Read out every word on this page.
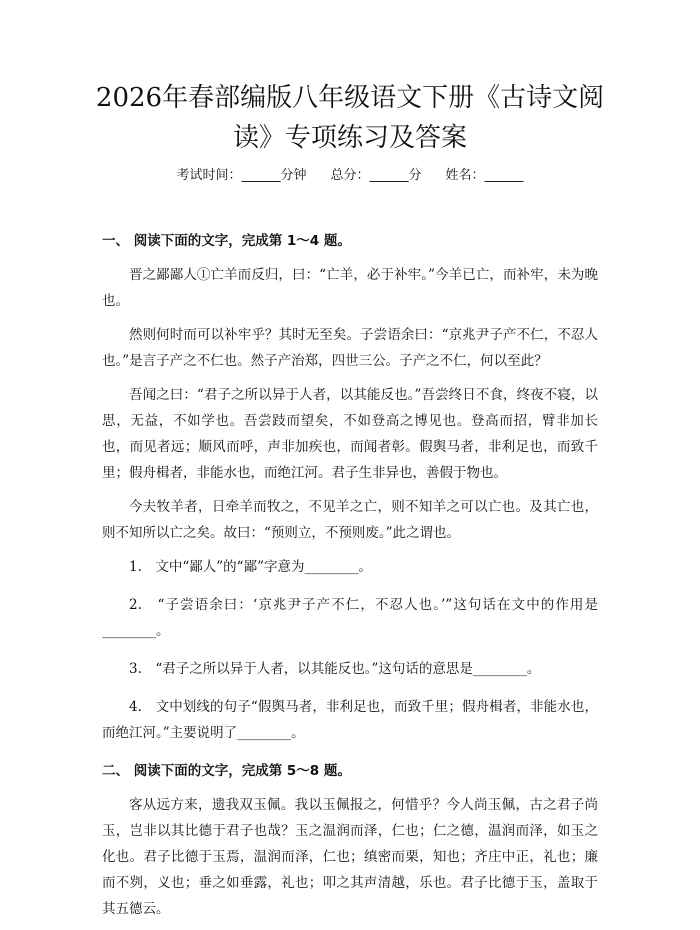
2026年春部编版八年级语文下册《古诗文阅读》专项练习及答案
考试时间：______分钟 总分：______分 姓名：______

一、 阅读下面的文字，完成第 1～4 题。

晋之鄙鄙人①亡羊而反归，曰：“亡羊，必于补牢。”今羊已亡，而补牢，未为晚也。

然则何时而可以补牢乎？其时无至矣。子尝语余曰：“京兆尹子产不仁，不忍人也。”是言子产之不仁也。然子产治郑，四世三公。子产之不仁，何以至此？

吾闻之曰：“君子之所以异于人者，以其能反也。”吾尝终日不食，终夜不寝，以思，无益，不如学也。吾尝跂而望矣，不如登高之博见也。登高而招，臂非加长也，而见者远；顺风而呼，声非加疾也，而闻者彰。假舆马者，非利足也，而致千里；假舟楫者，非能水也，而绝江河。君子生非异也，善假于物也。

今夫牧羊者，日牵羊而牧之，不见羊之亡，则不知羊之可以亡也。及其亡也，则不知所以亡之矣。故曰：“预则立，不预则废。”此之谓也。

1.　文中“鄙人”的“鄙”字意为________。

2.　“子尝语余曰：‘京兆尹子产不仁，不忍人也。’”这句话在文中的作用是________。

3.　“君子之所以异于人者，以其能反也。”这句话的意思是________。

4.　文中划线的句子“假舆马者，非利足也，而致千里；假舟楫者，非能水也，而绝江河。”主要说明了________。

二、 阅读下面的文字，完成第 5～8 题。

客从远方来，遗我双玉佩。我以玉佩报之，何惜乎？今人尚玉佩，古之君子尚玉，岂非以其比德于君子也哉？玉之温润而泽，仁也；仁之德，温润而泽，如玉之化也。君子比德于玉焉，温润而泽，仁也；缜密而栗，知也；齐庄中正，礼也；廉而不刿，义也；垂之如垂露，礼也；叩之其声清越，乐也。君子比德于玉，盖取于其五德云。
